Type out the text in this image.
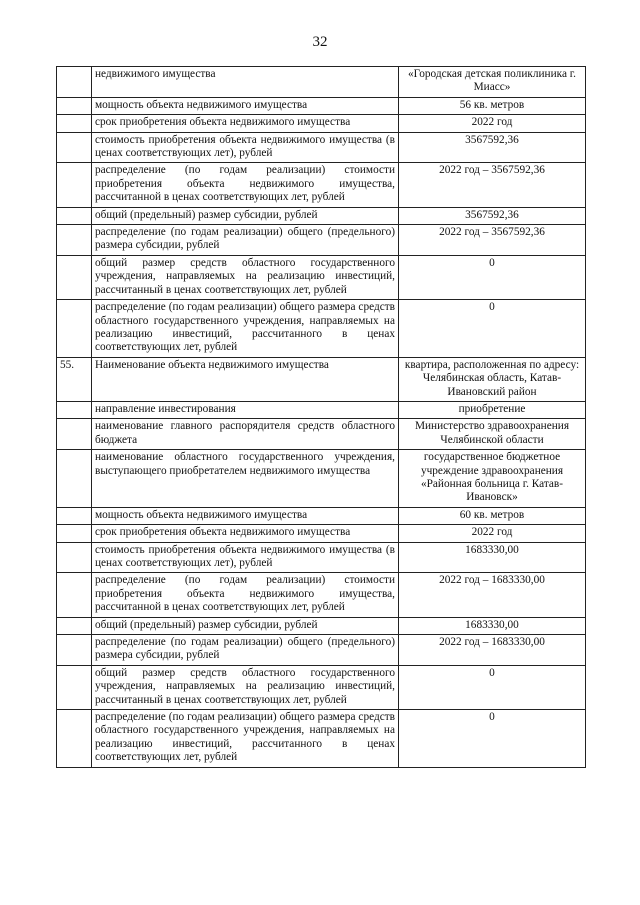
32
	недвижимого имущества	«Городская детская поликлиника г. Миасс»
	мощность объекта недвижимого имущества	56 кв. метров
	срок приобретения объекта недвижимого имущества	2022 год
	стоимость приобретения объекта недвижимого имущества (в ценах соответствующих лет), рублей	3567592,36
	распределение (по годам реализации) стоимости приобретения объекта недвижимого имущества, рассчитанной в ценах соответствующих лет, рублей	2022 год – 3567592,36
	общий (предельный) размер субсидии, рублей	3567592,36
	распределение (по годам реализации) общего (предельного) размера субсидии, рублей	2022 год – 3567592,36
	общий размер средств областного государственного учреждения, направляемых на реализацию инвестиций, рассчитанный в ценах соответствующих лет, рублей	0
	распределение (по годам реализации) общего размера средств областного государственного учреждения, направляемых на реализацию инвестиций, рассчитанного в ценах соответствующих лет, рублей	0
55.	Наименование объекта недвижимого имущества	квартира, расположенная по адресу: Челябинская область, Катав-Ивановский район
	направление инвестирования	приобретение
	наименование главного распорядителя средств областного бюджета	Министерство здравоохранения Челябинской области
	наименование областного государственного учреждения, выступающего приобретателем недвижимого имущества	государственное бюджетное учреждение здравоохранения «Районная больница г. Катав-Ивановск»
	мощность объекта недвижимого имущества	60 кв. метров
	срок приобретения объекта недвижимого имущества	2022 год
	стоимость приобретения объекта недвижимого имущества (в ценах соответствующих лет), рублей	1683330,00
	распределение (по годам реализации) стоимости приобретения объекта недвижимого имущества, рассчитанной в ценах соответствующих лет, рублей	2022 год – 1683330,00
	общий (предельный) размер субсидии, рублей	1683330,00
	распределение (по годам реализации) общего (предельного) размера субсидии, рублей	2022 год – 1683330,00
	общий размер средств областного государственного учреждения, направляемых на реализацию инвестиций, рассчитанный в ценах соответствующих лет, рублей	0
	распределение (по годам реализации) общего размера средств областного государственного учреждения, направляемых на реализацию инвестиций, рассчитанного в ценах соответствующих лет, рублей	0
